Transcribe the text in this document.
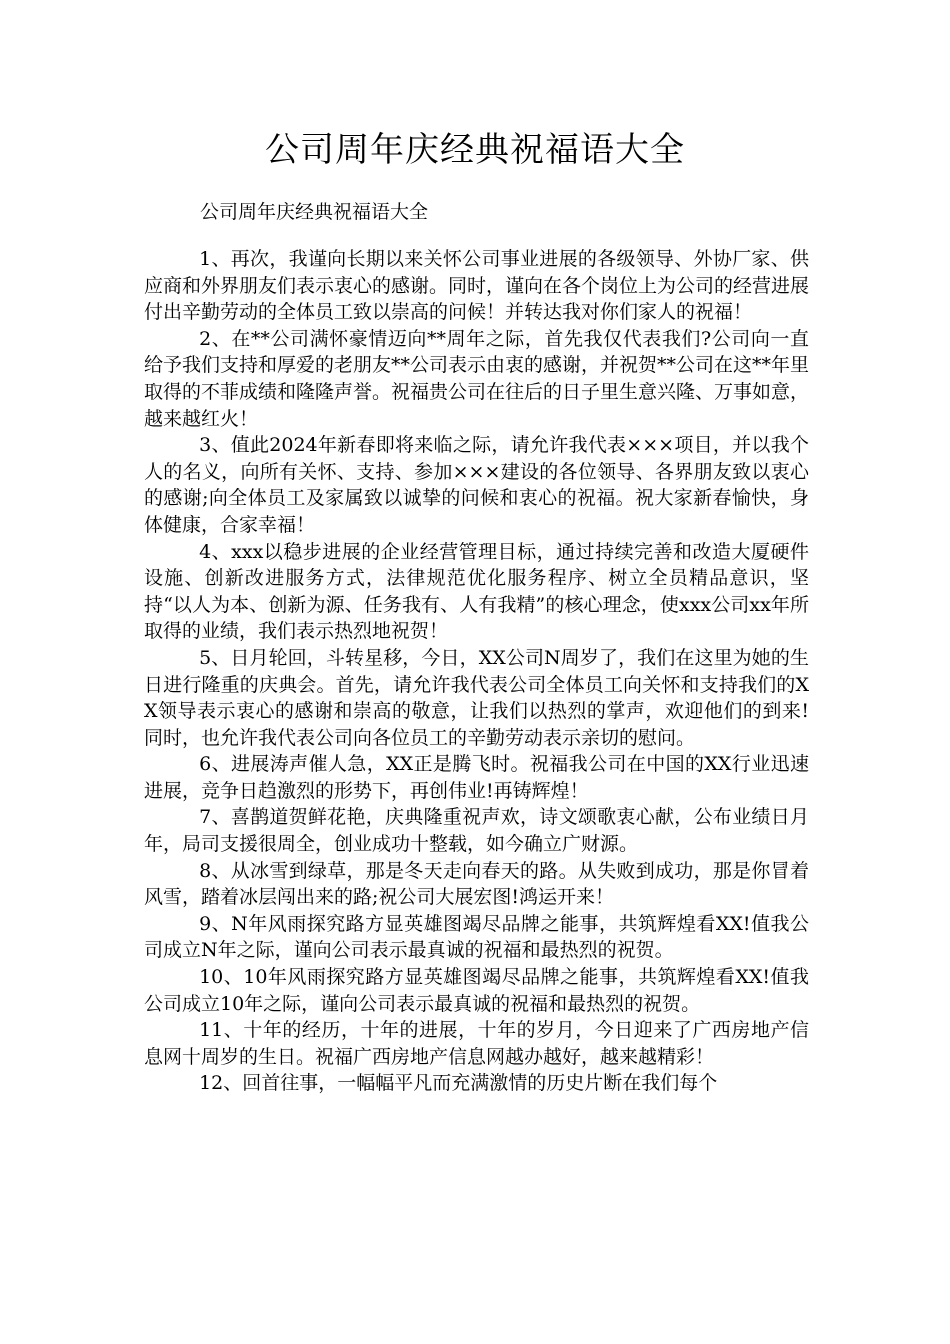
公司周年庆经典祝福语大全

公司周年庆经典祝福语大全

1、再次，我谨向长期以来关怀公司事业进展的各级领导、外协厂家、供应商和外界朋友们表示衷心的感谢。同时，谨向在各个岗位上为公司的经营进展付出辛勤劳动的全体员工致以崇高的问候！并转达我对你们家人的祝福！

2、在**公司满怀豪情迈向**周年之际，首先我仅代表我们?公司向一直给予我们支持和厚爱的老朋友**公司表示由衷的感谢，并祝贺**公司在这**年里取得的不菲成绩和隆隆声誉。祝福贵公司在往后的日子里生意兴隆、万事如意，越来越红火！

3、值此2024年新春即将来临之际，请允许我代表×××项目，并以我个人的名义，向所有关怀、支持、参加×××建设的各位领导、各界朋友致以衷心的感谢;向全体员工及家属致以诚挚的问候和衷心的祝福。祝大家新春愉快，身体健康，合家幸福！

4、xxx以稳步进展的企业经营管理目标，通过持续完善和改造大厦硬件设施、创新改进服务方式，法律规范优化服务程序、树立全员精品意识，坚持“以人为本、创新为源、任务我有、人有我精”的核心理念，使xxx公司xx年所取得的业绩，我们表示热烈地祝贺！

5、日月轮回，斗转星移，今日，XX公司N周岁了，我们在这里为她的生日进行隆重的庆典会。首先，请允许我代表公司全体员工向关怀和支持我们的XX领导表示衷心的感谢和崇高的敬意，让我们以热烈的掌声，欢迎他们的到来!同时，也允许我代表公司向各位员工的辛勤劳动表示亲切的慰问。

6、进展涛声催人急，XX正是腾飞时。祝福我公司在中国的XX行业迅速进展，竞争日趋激烈的形势下，再创伟业!再铸辉煌！

7、喜鹊道贺鲜花艳，庆典隆重祝声欢，诗文颂歌衷心献，公布业绩日月年，局司支援很周全，创业成功十整载，如今确立广财源。

8、从冰雪到绿草，那是冬天走向春天的路。从失败到成功，那是你冒着风雪，踏着冰层闯出来的路;祝公司大展宏图!鸿运开来！

9、N年风雨探究路方显英雄图竭尽品牌之能事，共筑辉煌看XX!值我公司成立N年之际，谨向公司表示最真诚的祝福和最热烈的祝贺。

10、10年风雨探究路方显英雄图竭尽品牌之能事，共筑辉煌看XX!值我公司成立10年之际，谨向公司表示最真诚的祝福和最热烈的祝贺。

11、十年的经历，十年的进展，十年的岁月，今日迎来了广西房地产信息网十周岁的生日。祝福广西房地产信息网越办越好，越来越精彩！

12、回首往事，一幅幅平凡而充满激情的历史片断在我们每个
